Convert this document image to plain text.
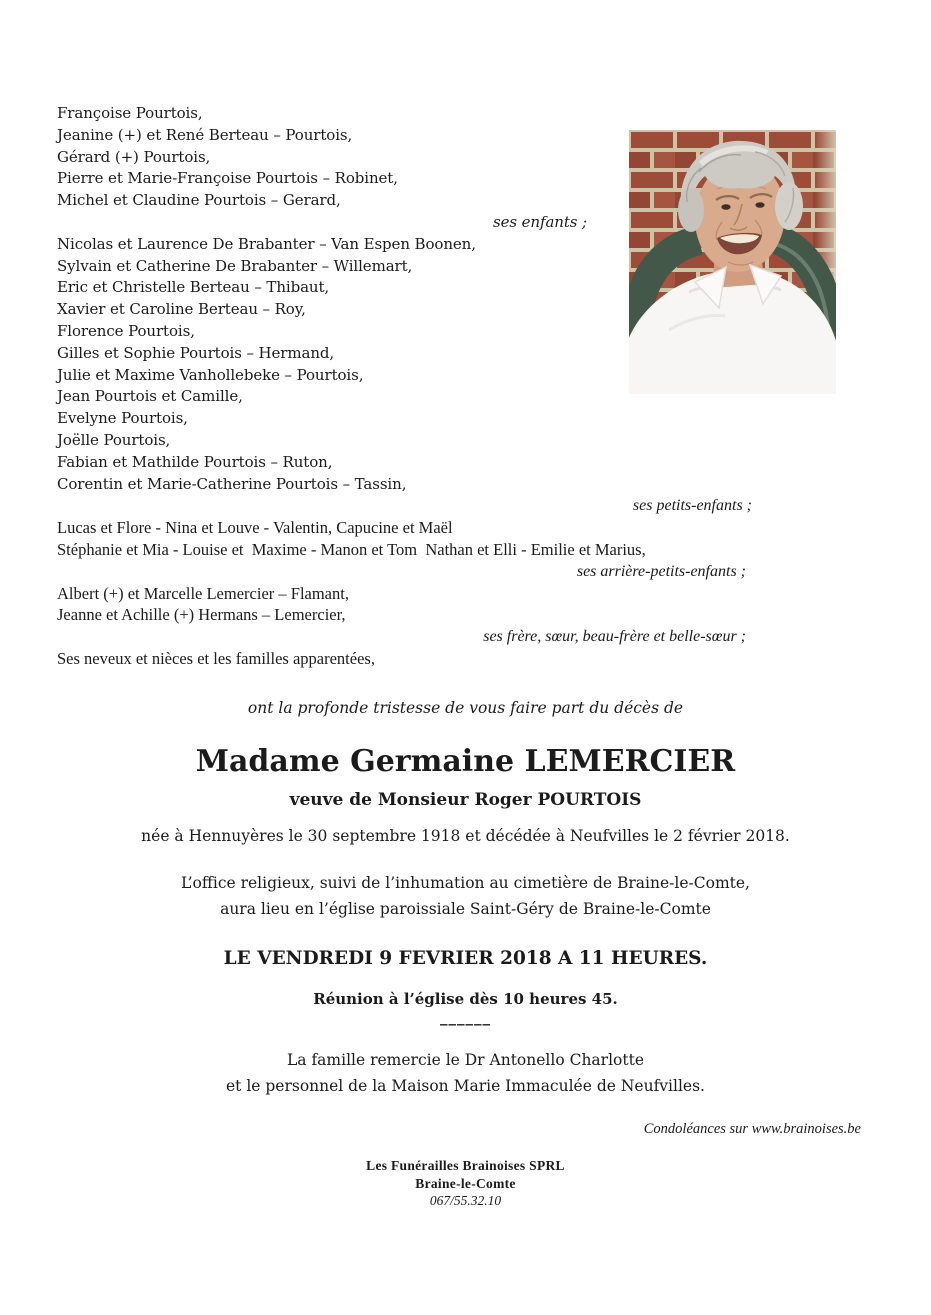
Françoise Pourtois,
Jeanine (+) et René Berteau – Pourtois,
Gérard (+) Pourtois,
Pierre et Marie-Françoise Pourtois – Robinet,
Michel et Claudine Pourtois – Gerard,
ses enfants ;
Nicolas et Laurence De Brabanter – Van Espen Boonen,
Sylvain et Catherine De Brabanter – Willemart,
Eric et Christelle Berteau – Thibaut,
Xavier et Caroline Berteau – Roy,
Florence Pourtois,
Gilles et Sophie Pourtois – Hermand,
Julie et Maxime Vanhollebeke – Pourtois,
Jean Pourtois et Camille,
Evelyne Pourtois,
Joëlle Pourtois,
Fabian et Mathilde Pourtois – Ruton,
Corentin et Marie-Catherine Pourtois – Tassin,
ses petits-enfants ;
Lucas et Flore - Nina et Louve - Valentin, Capucine et Maël
Stéphanie et Mia - Louise et  Maxime - Manon et Tom  Nathan et Elli - Emilie et Marius,
ses arrière-petits-enfants ;
Albert (+) et Marcelle Lemercier – Flamant,
Jeanne et Achille (+) Hermans – Lemercier,
ses frère, sœur, beau-frère et belle-sœur ;
Ses neveux et nièces et les familles apparentées,
ont la profonde tristesse de vous faire part du décès de
Madame Germaine LEMERCIER
veuve de Monsieur Roger POURTOIS
née à Hennuyères le 30 septembre 1918 et décédée à Neufvilles le 2 février 2018.
L’office religieux, suivi de l’inhumation au cimetière de Braine-le-Comte,
aura lieu en l’église paroissiale Saint-Géry de Braine-le-Comte
LE VENDREDI 9 FEVRIER 2018 A 11 HEURES.
Réunion à l’église dès 10 heures 45.
______
La famille remercie le Dr Antonello Charlotte
et le personnel de la Maison Marie Immaculée de Neufvilles.
Condoléances sur www.brainoises.be
Les Funérailles Brainoises SPRL
Braine-le-Comte
067/55.32.10
